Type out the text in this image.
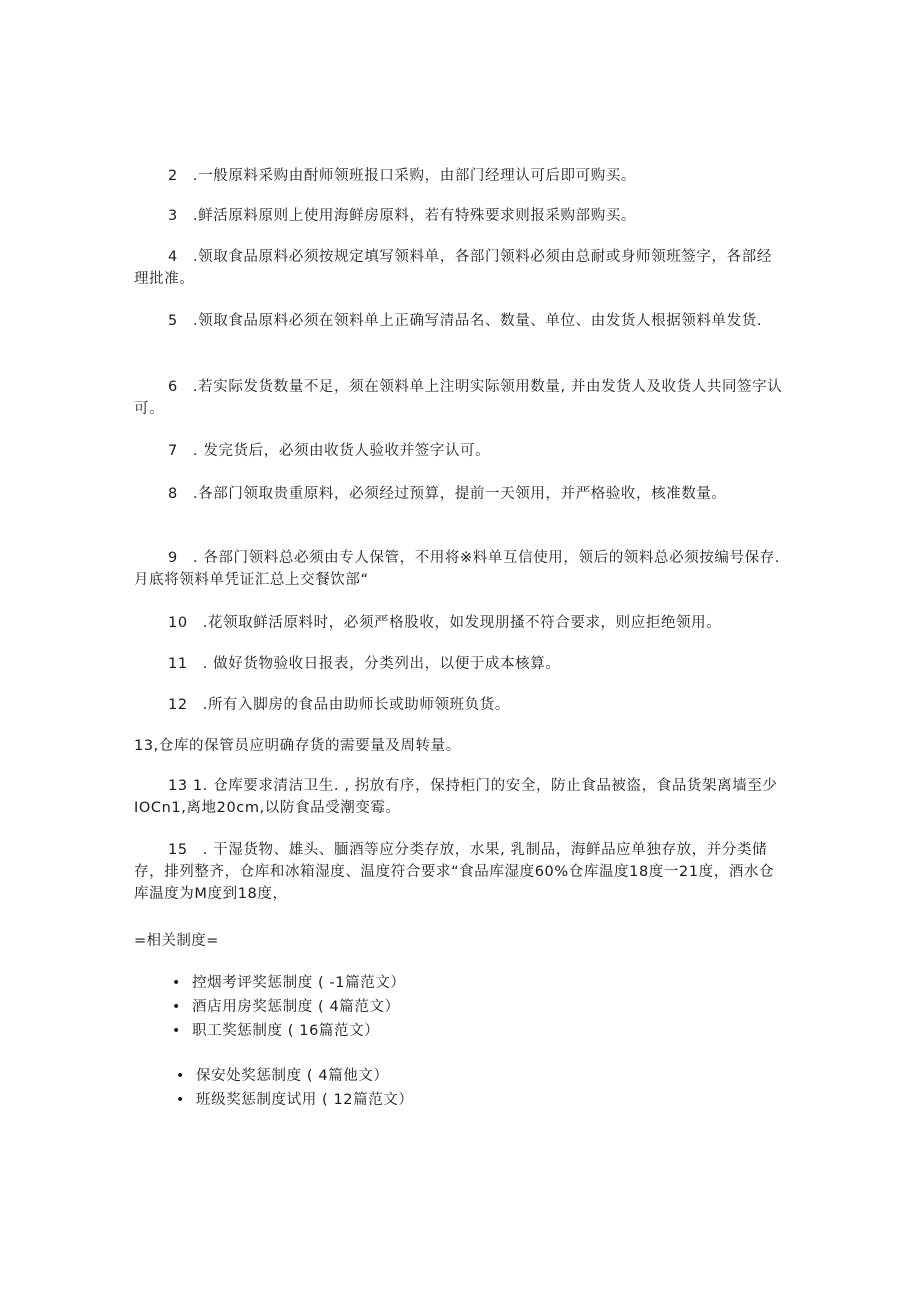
2　.一般原料采购由酎师领班报口采购，由部门经理认可后即可购买。
3　.鲜活原料原则上使用海鲜房原料，若有特殊要求则报采购部购买。
4　.领取食品原料必须按规定填写领料单，各部门领料必须由总耐或身师领班签字，各部经理批准。
5　.领取食品原料必须在领料单上正确写清品名、数量、单位、由发货人根据领料单发货.
6　.若实际发货数量不足，须在领料单上注明实际领用数量, 并由发货人及收货人共同签字认可。
7　. 发完货后，必须由收货人验收并签字认可。
8　.各部门领取贵重原料，必须经过预算，提前一天领用，并严格验收，核准数量。
9　. 各部门领料总必须由专人保管，不用将※料单互信使用，领后的领料总必须按编号保存. 月底将领料单凭证汇总上交餐饮部“
10　.花领取鲜活原料时，必须严格股收，如发现朋搔不符合要求，则应拒绝领用。
11　. 做好货物验收日报表，分类列出，以便于成本核算。
12　.所有入脚房的食品由助师长或助师领班负货。
13,仓库的保管员应明确存货的需要量及周转量。
13 1. 仓库要求清洁卫生. , 拐放有序，保持柜门的安全，防止食品被盗，食品货架离墙至少IOCn1,离地20cm,以防食品受潮变霉。
15　. 干湿货物、雄头、腼酒等应分类存放，水果, 乳制品，海鲜品应单独存放，并分类储存，排列整齐，仓库和冰箱湿度、温度符合要求“食品库湿度60%仓库温度18度一21度，酒水仓库温度为M度到18度，
=相关制度=
• 控烟考评奖惩制度 ( -1篇范文）
• 酒店用房奖惩制度 ( 4篇范文）
• 职工奖惩制度 ( 16篇范文）
• 保安处奖惩制度 ( 4篇他文）
• 班级奖惩制度试用 ( 12篇范文）
